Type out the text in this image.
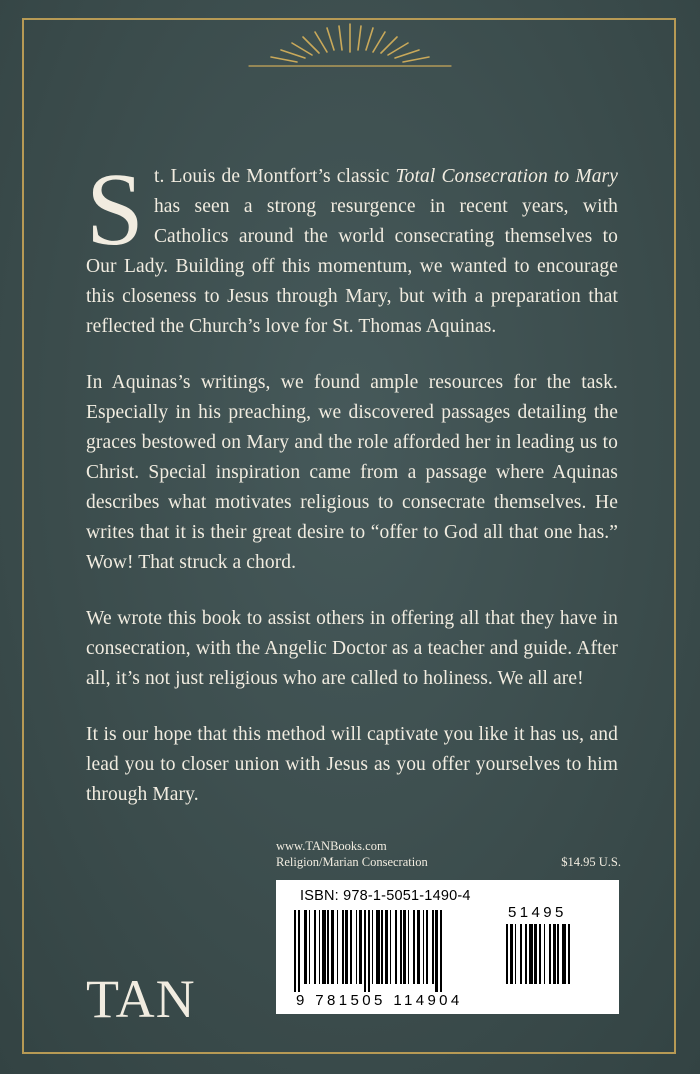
St. Louis de Montfort’s classic Total Consecration to Mary has seen a strong resurgence in recent years, with Catholics around the world consecrating themselves to Our Lady. Building off this momentum, we wanted to encourage this closeness to Jesus through Mary, but with a preparation that reflected the Church’s love for St. Thomas Aquinas.

In Aquinas’s writings, we found ample resources for the task. Especially in his preaching, we discovered passages detailing the graces bestowed on Mary and the role afforded her in leading us to Christ. Special inspiration came from a passage where Aquinas describes what motivates religious to consecrate themselves. He writes that it is their great desire to “offer to God all that one has.” Wow! That struck a chord.

We wrote this book to assist others in offering all that they have in consecration, with the Angelic Doctor as a teacher and guide. After all, it’s not just religious who are called to holiness. We all are!

It is our hope that this method will captivate you like it has us, and lead you to closer union with Jesus as you offer yourselves to him through Mary.

www.TANBooks.com
Religion/Marian Consecration	$14.95 U.S.
ISBN: 978-1-5051-1490-4
51495
9 781505 114904
TAN
